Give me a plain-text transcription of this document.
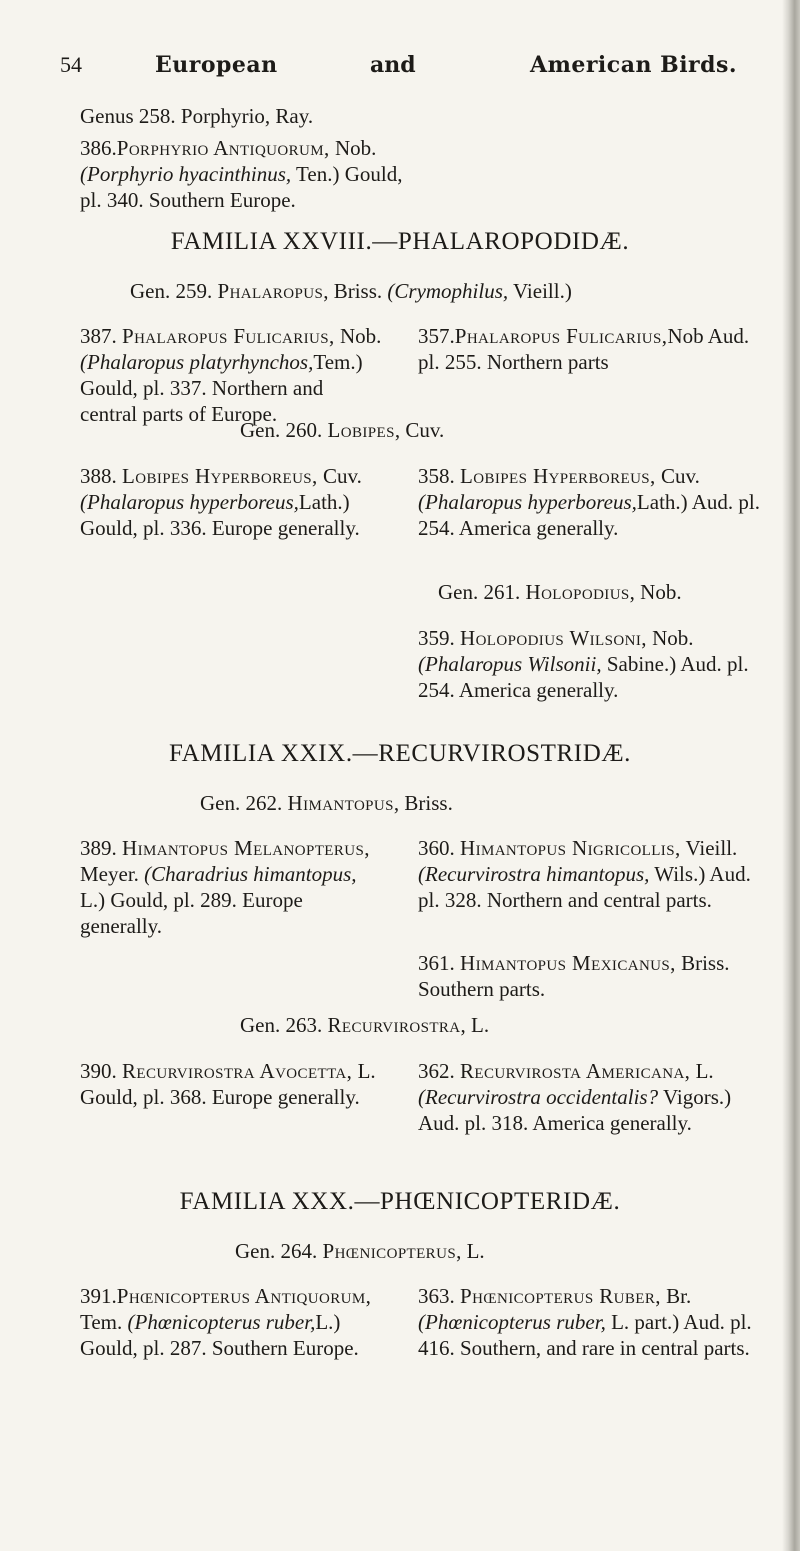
54	European	and	American Birds.
Genus 258. Porphyrio, Ray.
386.Porphyrio Antiquorum, Nob. (Porphyrio hyacinthinus, Ten.) Gould, pl. 340. Southern Europe.
FAMILIA XXVIII.—PHALAROPODIDÆ.
Gen. 259. Phalaropus, Briss. (Crymophilus, Vieill.)
387. Phalaropus Fulicarius, Nob. (Phalaropus platyrhynchos,Tem.) Gould, pl. 337. Northern and central parts of Europe.
357.Phalaropus Fulicarius,Nob Aud. pl. 255. Northern parts
Gen. 260. Lobipes, Cuv.
388. Lobipes Hyperboreus, Cuv. (Phalaropus hyperboreus,Lath.) Gould, pl. 336. Europe generally.
358. Lobipes Hyperboreus, Cuv. (Phalaropus hyperboreus,Lath.) Aud. pl. 254. America generally.
Gen. 261. Holopodius, Nob.
359. Holopodius Wilsoni, Nob. (Phalaropus Wilsonii, Sabine.) Aud. pl. 254. America generally.
FAMILIA XXIX.—RECURVIROSTRIDÆ.
Gen. 262. Himantopus, Briss.
389. Himantopus Melanopterus, Meyer. (Charadrius himantopus, L.) Gould, pl. 289. Europe generally.
360. Himantopus Nigricollis, Vieill. (Recurvirostra himantopus, Wils.) Aud. pl. 328. Northern and central parts.
361. Himantopus Mexicanus, Briss. Southern parts.
Gen. 263. Recurvirostra, L.
390. Recurvirostra Avocetta, L. Gould, pl. 368. Europe generally.
362. Recurvirosta Americana, L. (Recurvirostra occidentalis? Vigors.) Aud. pl. 318. America generally.
FAMILIA XXX.—PHŒNICOPTERIDÆ.
Gen. 264. Phœnicopterus, L.
391.Phœnicopterus Antiquorum, Tem. (Phœnicopterus ruber,L.) Gould, pl. 287. Southern Europe.
363. Phœnicopterus Ruber, Br. (Phœnicopterus ruber, L. part.) Aud. pl. 416. Southern, and rare in central parts.
